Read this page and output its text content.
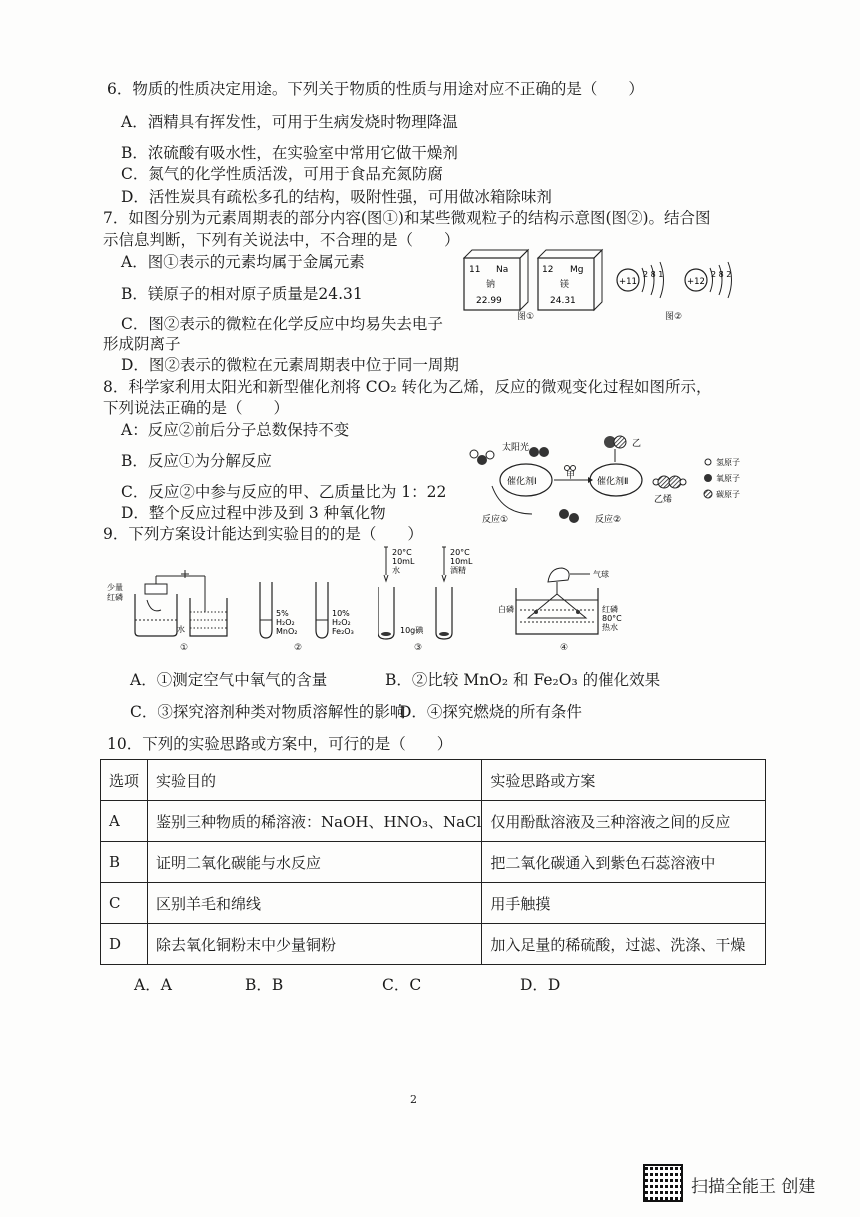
6．物质的性质决定用途。下列关于物质的性质与用途对应不正确的是（　　）
A．酒精具有挥发性，可用于生病发烧时物理降温
B．浓硫酸有吸水性，在实验室中常用它做干燥剂
C．氮气的化学性质活泼，可用于食品充氮防腐
D．活性炭具有疏松多孔的结构，吸附性强，可用做冰箱除味剂
7．如图分别为元素周期表的部分内容(图①)和某些微观粒子的结构示意图(图②)。结合图
示信息判断，下列有关说法中，不合理的是（　　）
A．图①表示的元素均属于金属元素
B．镁原子的相对原子质量是24.31
C．图②表示的微粒在化学反应中均易失去电子
形成阴离子
D．图②表示的微粒在元素周期表中位于同一周期
11 Na
钠
22.99
12 Mg
镁
24.31
图①
+11
2 8 1
+12
2 8 2
图②
8．科学家利用太阳光和新型催化剂将 CO₂ 转化为乙烯，反应的微观变化过程如图所示，
下列说法正确的是（　　）
A：反应②前后分子总数保持不变
B．反应①为分解反应
C．反应②中参与反应的甲、乙质量比为 1：22
D．整个反应过程中涉及到 3 种氧化物
太阳光
催化剂Ⅰ	催化剂Ⅱ
甲
乙
乙烯
反应①	反应②
氢原子
氧原子
碳原子
9．下列方案设计能达到实验目的的是（　　）
少量
红磷
水
①
5%
H₂O₂
MnO₂
10%
H₂O₂
Fe₂O₃
②
20°C
10mL
水
20°C
10mL
酒精
10g碘
③
气球
白磷	红磷
80°C
热水
④
A．①测定空气中氧气的含量	B．②比较 MnO₂ 和 Fe₂O₃ 的催化效果
C．③探究溶剂种类对物质溶解性的影响
D．④探究燃烧的所有条件
10．下列的实验思路或方案中，可行的是（　　）
选项	实验目的	实验思路或方案
A	鉴别三种物质的稀溶液：NaOH、HNO₃、NaCl	仅用酚酞溶液及三种溶液之间的反应
B	证明二氧化碳能与水反应	把二氧化碳通入到紫色石蕊溶液中
C	区别羊毛和绵线	用手触摸
D	除去氧化铜粉末中少量铜粉	加入足量的稀硫酸，过滤、洗涤、干燥
A．A	B．B	C．C	D．D
2
扫描全能王 创建
